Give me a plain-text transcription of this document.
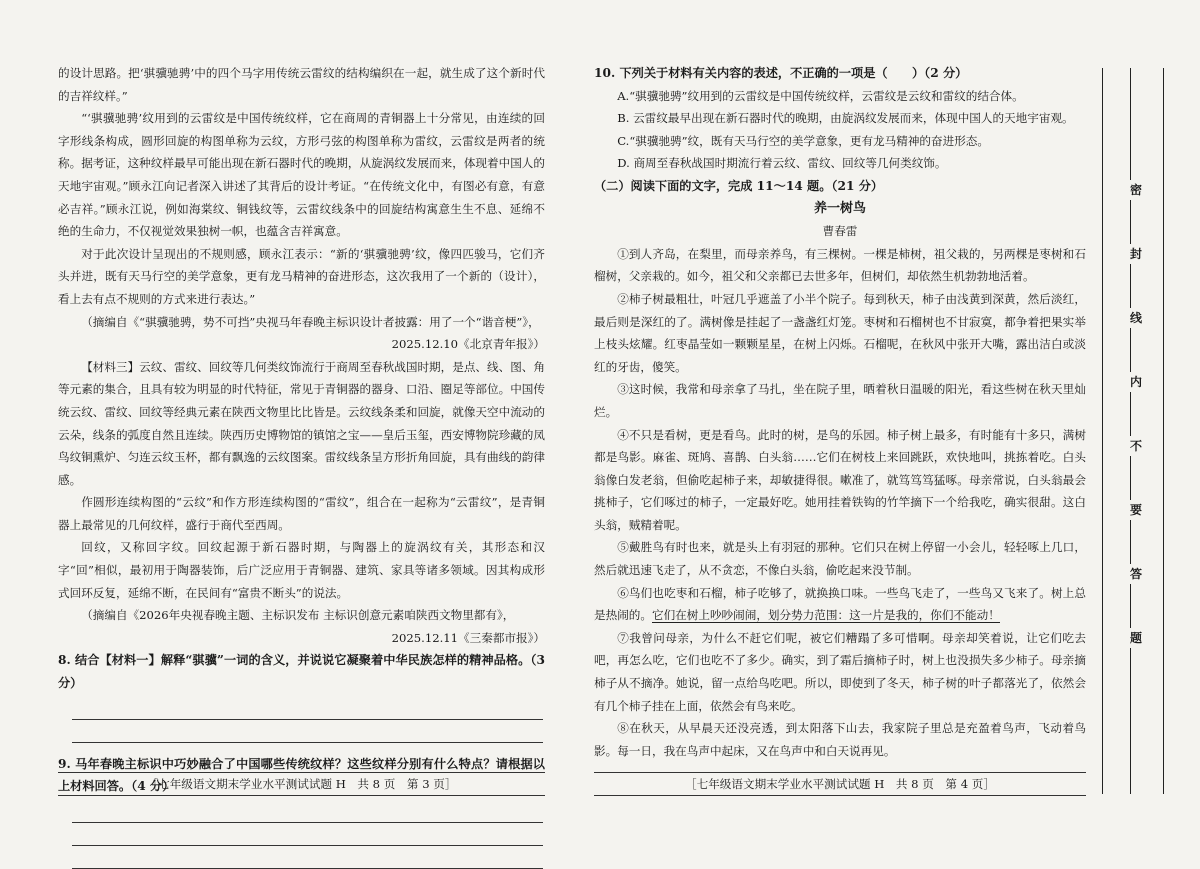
的设计思路。把‘骐骥驰骋’中的四个马字用传统云雷纹的结构编织在一起，就生成了这个新时代的吉祥纹样。”

“‘骐骥驰骋’纹用到的云雷纹是中国传统纹样，它在商周的青铜器上十分常见，由连续的回字形线条构成，圆形回旋的构图单称为云纹，方形弓弦的构图单称为雷纹，云雷纹是两者的统称。据考证，这种纹样最早可能出现在新石器时代的晚期，从旋涡纹发展而来，体现着中国人的天地宇宙观。”顾永江向记者深入讲述了其背后的设计考证。“在传统文化中，有图必有意，有意必吉祥。”顾永江说，例如海棠纹、铜钱纹等，云雷纹线条中的回旋结构寓意生生不息、延绵不绝的生命力，不仅视觉效果独树一帜，也蕴含吉祥寓意。

对于此次设计呈现出的不规则感，顾永江表示：“新的‘骐骥驰骋’纹，像四匹骏马，它们齐头并进，既有天马行空的美学意象，更有龙马精神的奋进形态，这次我用了一个新的（设计），看上去有点不规则的方式来进行表达。”

（摘编自《“骐骥驰骋，势不可挡”央视马年春晚主标识设计者披露：用了一个“谐音梗”》，

2025.12.10《北京青年报》）

【材料三】云纹、雷纹、回纹等几何类纹饰流行于商周至春秋战国时期，是点、线、图、角等元素的集合，且具有较为明显的时代特征，常见于青铜器的器身、口沿、圈足等部位。中国传统云纹、雷纹、回纹等经典元素在陕西文物里比比皆是。云纹线条柔和回旋，就像天空中流动的云朵，线条的弧度自然且连续。陕西历史博物馆的镇馆之宝——皇后玉玺，西安博物院珍藏的凤鸟纹铜熏炉、匀连云纹玉杯，都有飘逸的云纹图案。雷纹线条呈方形折角回旋，具有曲线的韵律感。

作圆形连续构图的“云纹”和作方形连续构图的“雷纹”，组合在一起称为“云雷纹”，是青铜器上最常见的几何纹样，盛行于商代至西周。

回纹，又称回字纹。回纹起源于新石器时期，与陶器上的旋涡纹有关，其形态和汉字“回”相似，最初用于陶器装饰，后广泛应用于青铜器、建筑、家具等诸多领域。因其构成形式回环反复，延绵不断，在民间有“富贵不断头”的说法。

（摘编自《2026年央视春晚主题、主标识发布 主标识创意元素咱陕西文物里都有》，

2025.12.11《三秦都市报》）

8. 结合【材料一】解释“骐骥”一词的含义，并说说它凝聚着中华民族怎样的精神品格。（3 分）

9. 马年春晚主标识中巧妙融合了中国哪些传统纹样？这些纹样分别有什么特点？请根据以上材料回答。（4 分）

［七年级语文期末学业水平测试试题 H　共 8 页　第 3 页］

10. 下列关于材料有关内容的表述，不正确的一项是（　　）（2 分）

A.“骐骥驰骋”纹用到的云雷纹是中国传统纹样，云雷纹是云纹和雷纹的结合体。

B. 云雷纹最早出现在新石器时代的晚期，由旋涡纹发展而来，体现中国人的天地宇宙观。

C.“骐骥驰骋”纹，既有天马行空的美学意象，更有龙马精神的奋进形态。

D. 商周至春秋战国时期流行着云纹、雷纹、回纹等几何类纹饰。

（二）阅读下面的文字，完成 11～14 题。（21 分）

养一树鸟

曹春雷

①到人齐岛，在梨里，而母亲养鸟，有三棵树。一棵是柿树，祖父栽的，另两棵是枣树和石榴树，父亲栽的。如今，祖父和父亲都已去世多年，但树们，却依然生机勃勃地活着。

②柿子树最粗壮，叶冠几乎遮盖了小半个院子。每到秋天，柿子由浅黄到深黄，然后淡红，最后则是深红的了。满树像是挂起了一盏盏红灯笼。枣树和石榴树也不甘寂寞，都争着把果实举上枝头炫耀。红枣晶莹如一颗颗星星，在树上闪烁。石榴呢，在秋风中张开大嘴，露出洁白或淡红的牙齿，傻笑。

③这时候，我常和母亲拿了马扎，坐在院子里，晒着秋日温暖的阳光，看这些树在秋天里灿烂。

④不只是看树，更是看鸟。此时的树，是鸟的乐园。柿子树上最多，有时能有十多只，满树都是鸟影。麻雀、斑鸠、喜鹊、白头翁……它们在树枝上来回跳跃，欢快地叫，挑拣着吃。白头翁像白发老翁，但偷吃起柿子来，却敏捷得很。嗽准了，就笃笃笃猛啄。母亲常说，白头翁最会挑柿子，它们啄过的柿子，一定最好吃。她用挂着铁钩的竹竿摘下一个给我吃，确实很甜。这白头翁，贼精着呢。

⑤戴胜鸟有时也来，就是头上有羽冠的那种。它们只在树上停留一小会儿，轻轻啄上几口，然后就迅速飞走了，从不贪恋，不像白头翁，偷吃起来没节制。

⑥鸟们也吃枣和石榴，柿子吃够了，就换换口味。一些鸟飞走了，一些鸟又飞来了。树上总是热闹的。它们在树上吵吵闹闹，划分势力范围：这一片是我的，你们不能动！

⑦我曾问母亲，为什么不赶它们呢，被它们糟蹋了多可惜啊。母亲却笑着说，让它们吃去吧，再怎么吃，它们也吃不了多少。确实，到了霜后摘柿子时，树上也没损失多少柿子。母亲摘柿子从不摘净。她说，留一点给鸟吃吧。所以，即使到了冬天，柿子树的叶子都落光了，依然会有几个柿子挂在上面，依然会有鸟来吃。

⑧在秋天，从早晨天还没亮透，到太阳落下山去，我家院子里总是充盈着鸟声，飞动着鸟影。每一日，我在鸟声中起床，又在鸟声中和白天说再见。

［七年级语文期末学业水平测试试题 H　共 8 页　第 4 页］
密
封
线
内
不
要
答
题
